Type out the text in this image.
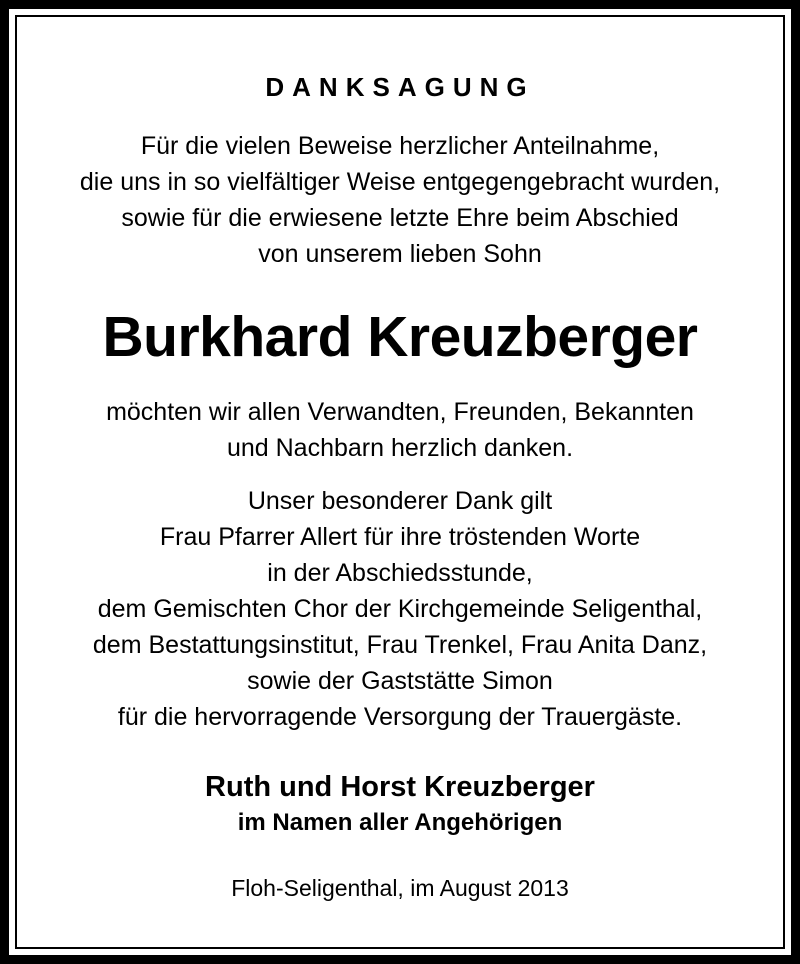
DANKSAGUNG
Für die vielen Beweise herzlicher Anteilnahme,
die uns in so vielfältiger Weise entgegengebracht wurden,
sowie für die erwiesene letzte Ehre beim Abschied
von unserem lieben Sohn
Burkhard Kreuzberger
möchten wir allen Verwandten, Freunden, Bekannten
und Nachbarn herzlich danken.
Unser besonderer Dank gilt
Frau Pfarrer Allert für ihre tröstenden Worte
in der Abschiedsstunde,
dem Gemischten Chor der Kirchgemeinde Seligenthal,
dem Bestattungsinstitut, Frau Trenkel, Frau Anita Danz,
sowie der Gaststätte Simon
für die hervorragende Versorgung der Trauergäste.
Ruth und Horst Kreuzberger
im Namen aller Angehörigen
Floh-Seligenthal, im August 2013
